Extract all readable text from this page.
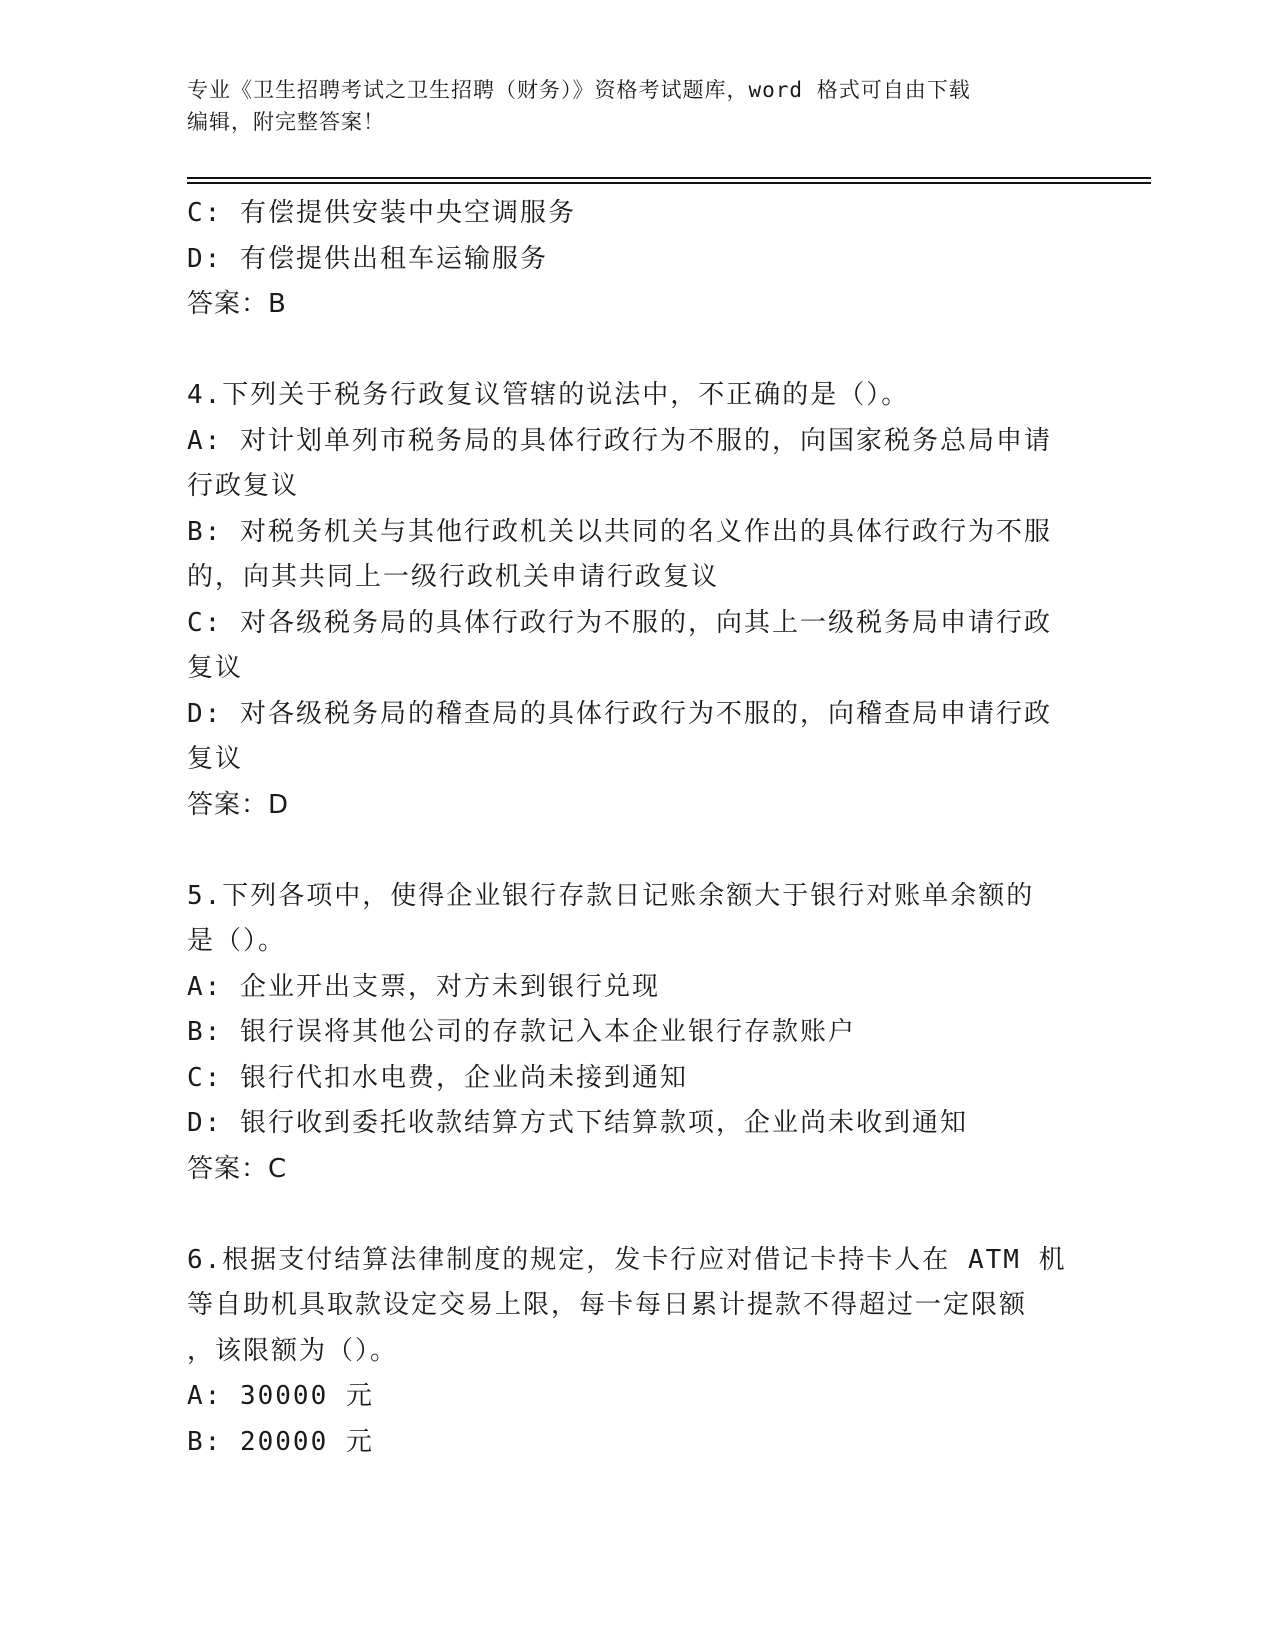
专业《卫生招聘考试之卫生招聘（财务）》资格考试题库，word 格式可自由下载
编辑，附完整答案！
C: 有偿提供安装中央空调服务
D: 有偿提供出租车运输服务
答案：B
4.下列关于税务行政复议管辖的说法中，不正确的是（）。
A: 对计划单列市税务局的具体行政行为不服的，向国家税务总局申请
行政复议
B: 对税务机关与其他行政机关以共同的名义作出的具体行政行为不服
的，向其共同上一级行政机关申请行政复议
C: 对各级税务局的具体行政行为不服的，向其上一级税务局申请行政
复议
D: 对各级税务局的稽查局的具体行政行为不服的，向稽查局申请行政
复议
答案：D
5.下列各项中，使得企业银行存款日记账余额大于银行对账单余额的
是（）。
A: 企业开出支票，对方未到银行兑现
B: 银行误将其他公司的存款记入本企业银行存款账户
C: 银行代扣水电费，企业尚未接到通知
D: 银行收到委托收款结算方式下结算款项，企业尚未收到通知
答案：C
6.根据支付结算法律制度的规定，发卡行应对借记卡持卡人在 ATM 机
等自助机具取款设定交易上限，每卡每日累计提款不得超过一定限额
，该限额为（）。
A: 30000 元
B: 20000 元
